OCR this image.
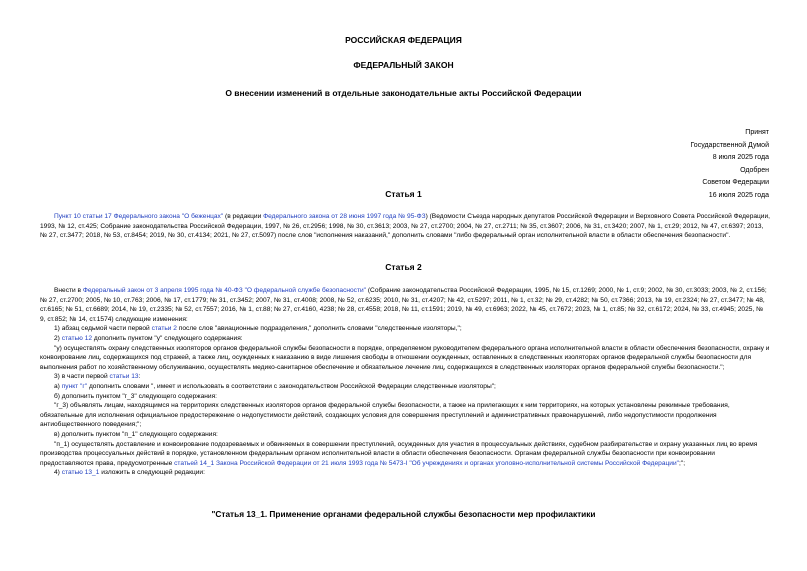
РОССИЙСКАЯ ФЕДЕРАЦИЯ
ФЕДЕРАЛЬНЫЙ ЗАКОН
О внесении изменений в отдельные законодательные акты Российской Федерации
Принят
Государственной Думой
8 июля 2025 года
Одобрен
Советом Федерации
16 июля 2025 года
Статья 1

Пункт 10 статьи 17 Федерального закона "О беженцах" (в редакции Федерального закона от 28 июня 1997 года № 95-ФЗ) (Ведомости Съезда народных депутатов Российской Федерации и Верховного Совета Российской Федерации, 1993, № 12, ст.425; Собрание законодательства Российской Федерации, 1997, № 26, ст.2956; 1998, № 30, ст.3613; 2003, № 27, ст.2700; 2004, № 27, ст.2711; № 35, ст.3607; 2006, № 31, ст.3420; 2007, № 1, ст.29; 2012, № 47, ст.6397; 2013, № 27, ст.3477; 2018, № 53, ст.8454; 2019, № 30, ст.4134; 2021, № 27, ст.5097) после слов "исполнения наказаний," дополнить словами "либо федеральный орган исполнительной власти в области обеспечения безопасности".

Статья 2

Внести в Федеральный закон от 3 апреля 1995 года № 40-ФЗ "О федеральной службе безопасности" (Собрание законодательства Российской Федерации, 1995, № 15, ст.1269; 2000, № 1, ст.9; 2002, № 30, ст.3033; 2003, № 2, ст.156; № 27, ст.2700; 2005, № 10, ст.763; 2006, № 17, ст.1779; № 31, ст.3452; 2007, № 31, ст.4008; 2008, № 52, ст.6235; 2010, № 31, ст.4207; № 42, ст.5297; 2011, № 1, ст.32; № 29, ст.4282; № 50, ст.7366; 2013, № 19, ст.2324; № 27, ст.3477; № 48, ст.6165; № 51, ст.6689; 2014, № 19, ст.2335; № 52, ст.7557; 2016, № 1, ст.88; № 27, ст.4160, 4238; № 28, ст.4558; 2018, № 11, ст.1591; 2019, № 49, ст.6963; 2022, № 45, ст.7672; 2023, № 1, ст.85; № 32, ст.6172; 2024, № 33, ст.4945; 2025, № 9, ст.852; № 14, ст.1574) следующие изменения:

1) абзац седьмой части первой статьи 2 после слов "авиационные подразделения," дополнить словами "следственные изоляторы,";

2) статью 12 дополнить пунктом "у" следующего содержания:

"у) осуществлять охрану следственных изоляторов органов федеральной службы безопасности в порядке, определяемом руководителем федерального органа исполнительной власти в области обеспечения безопасности, охрану и конвоирование лиц, содержащихся под стражей, а также лиц, осужденных к наказанию в виде лишения свободы в отношении осужденных, оставленных в следственных изоляторах органов федеральной службы безопасности для выполнения работ по хозяйственному обслуживанию, осуществлять медико-санитарное обеспечение и обязательное лечение лиц, содержащихся в следственных изоляторах органов федеральной службы безопасности.";

3) в части первой статьи 13:

а) пункт "г" дополнить словами ", имеет и использовать в соответствии с законодательством Российской Федерации следственные изоляторы";

б) дополнить пунктом "г_3" следующего содержания:

"г_3) объявлять лицам, находящимся на территориях следственных изоляторов органов федеральной службы безопасности, а также на прилегающих к ним территориях, на которых установлены режимные требования, обязательные для исполнения официальное предостережение о недопустимости действий, создающих условия для совершения преступлений и административных правонарушений, либо недопустимости продолжения антиобщественного поведения;";

в) дополнить пунктом "п_1" следующего содержания:

"п_1) осуществлять доставление и конвоирование подозреваемых и обвиняемых в совершении преступлений, осужденных для участия в процессуальных действиях, судебном разбирательстве и охрану указанных лиц во время производства процессуальных действий в порядке, установленном федеральным органом исполнительной власти в области обеспечения безопасности. Органам федеральной службы безопасности при конвоировании предоставляются права, предусмотренные статьей 14_1 Закона Российской Федерации от 21 июля 1993 года № 5473-I "Об учреждениях и органах уголовно-исполнительной системы Российской Федерации";";

4) статью 13_1 изложить в следующей редакции:

"Статья 13_1. Применение органами федеральной службы безопасности мер профилактики
